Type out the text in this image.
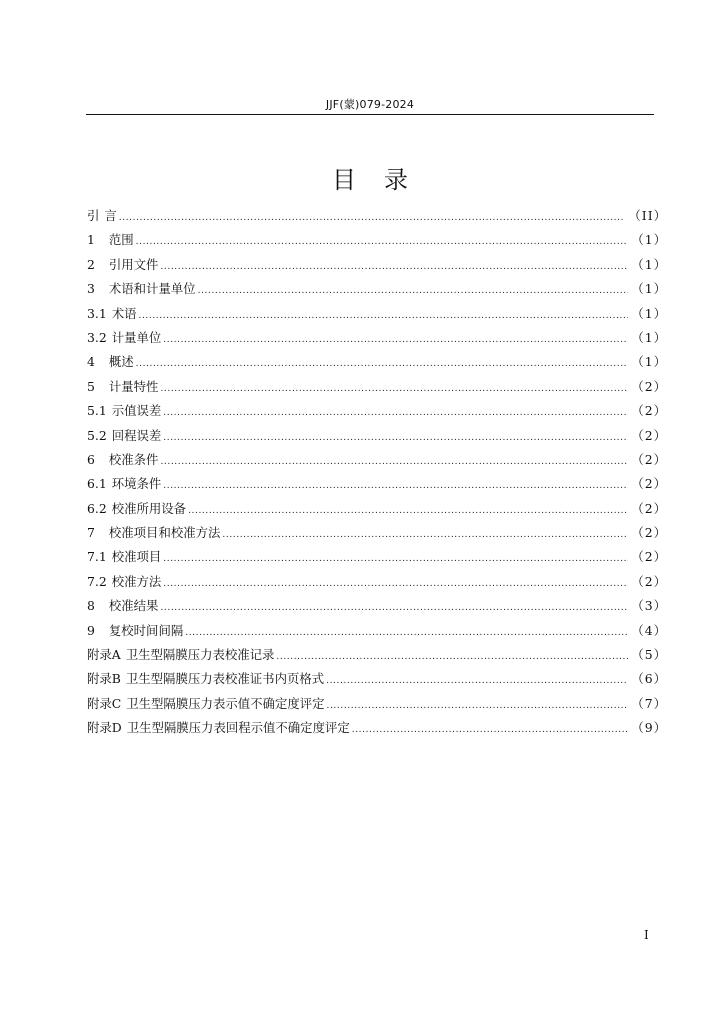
JJF(蒙)079-2024
目录
引 言 .....	（II）
1 范围 .....	（1）
2 引用文件 .....	（1）
3 术语和计量单位 .....	（1）
3.1 术语 .....	（1）
3.2 计量单位 .....	（1）
4 概述 .....	（1）
5 计量特性 .....	（2）
5.1 示值误差 .....	（2）
5.2 回程误差 .....	（2）
6 校准条件 .....	（2）
6.1 环境条件 .....	（2）
6.2 校准所用设备 .....	（2）
7 校准项目和校准方法 .....	（2）
7.1 校准项目 .....	（2）
7.2 校准方法 .....	（2）
8 校准结果 .....	（3）
9 复校时间间隔 .....	（4）
附录A 卫生型隔膜压力表校准记录 .....	（5）
附录B 卫生型隔膜压力表校准证书内页格式 .....	（6）
附录C 卫生型隔膜压力表示值不确定度评定 .....	（7）
附录D 卫生型隔膜压力表回程示值不确定度评定 .....	（9）
I
